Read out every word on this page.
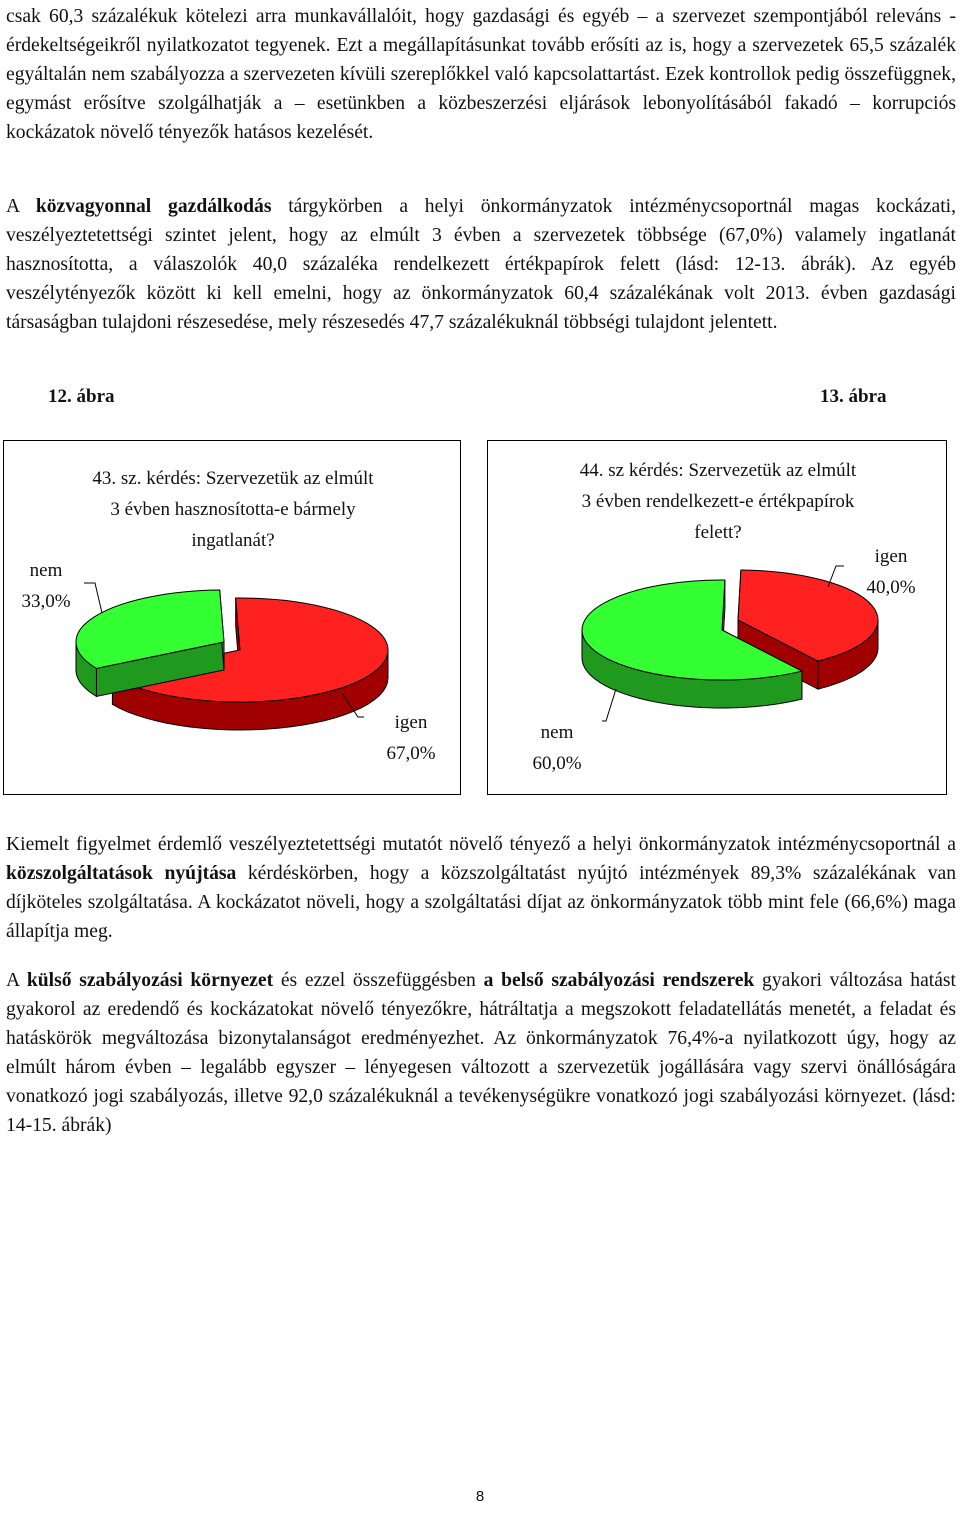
csak 60,3 százalékuk kötelezi arra munkavállalóit, hogy gazdasági és egyéb – a szervezet szempontjából releváns - érdekeltségeikről nyilatkozatot tegyenek. Ezt a megállapításunkat tovább erősíti az is, hogy a szervezetek 65,5 százalék egyáltalán nem szabályozza a szervezeten kívüli szereplőkkel való kapcsolattartást. Ezek kontrollok pedig összefüggnek, egymást erősítve szolgálhatják a – esetünkben a közbeszerzési eljárások lebonyolításából fakadó – korrupciós kockázatok növelő tényezők hatásos kezelését.

A közvagyonnal gazdálkodás tárgykörben a helyi önkormányzatok intézménycsoportnál magas kockázati, veszélyeztetettségi szintet jelent, hogy az elmúlt 3 évben a szervezetek többsége (67,0%) valamely ingatlanát hasznosította, a válaszolók 40,0 százaléka rendelkezett értékpapírok felett (lásd: 12-13. ábrák). Az egyéb veszélytényezők között ki kell emelni, hogy az önkormányzatok 60,4 százalékának volt 2013. évben gazdasági társaságban tulajdoni részesedése, mely részesedés 47,7 százalékuknál többségi tulajdont jelentett.

12. ábra	13. ábra
43. sz. kérdés: Szervezetük az elmúlt
3 évben hasznosította-e bármely
ingatlanát?
nem
33,0%
igen
67,0%
44. sz kérdés: Szervezetük az elmúlt
3 évben rendelkezett-e értékpapírok
felett?
igen
40,0%
nem
60,0%

Kiemelt figyelmet érdemlő veszélyeztetettségi mutatót növelő tényező a helyi önkormányzatok intézménycsoportnál a közszolgáltatások nyújtása kérdéskörben, hogy a közszolgáltatást nyújtó intézmények 89,3% százalékának van díjköteles szolgáltatása. A kockázatot növeli, hogy a szolgáltatási díjat az önkormányzatok több mint fele (66,6%) maga állapítja meg.

A külső szabályozási környezet és ezzel összefüggésben a belső szabályozási rendszerek gyakori változása hatást gyakorol az eredendő és kockázatokat növelő tényezőkre, hátráltatja a megszokott feladatellátás menetét, a feladat és hatáskörök megváltozása bizonytalanságot eredményezhet. Az önkormányzatok 76,4%-a nyilatkozott úgy, hogy az elmúlt három évben – legalább egyszer – lényegesen változott a szervezetük jogállására vagy szervi önállóságára vonatkozó jogi szabályozás, illetve 92,0 százalékuknál a tevékenységükre vonatkozó jogi szabályozási környezet. (lásd: 14-15. ábrák)

8
